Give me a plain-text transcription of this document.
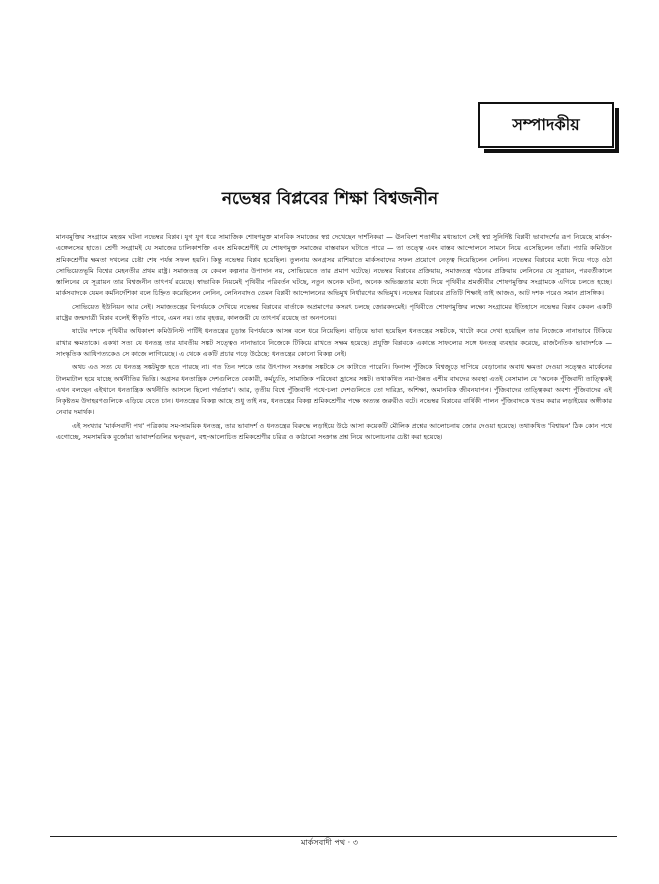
সম্পাদকীয়
নভেম্বর বিপ্লবের শিক্ষা বিশ্বজনীন

মানবমুক্তির সংগ্রামে মহত্তম ঘটনা নভেম্বর বিপ্লব। যুগ যুগ ধরে সামাজিক শোষণমুক্ত মানবিক সমাজের স্বপ্ন দেখেছেন দার্শনিকরা — ঊনবিংশ শতাব্দীর মধ্যভাগে সেই স্বপ্ন সুনির্দিষ্ট বিপ্লবী ভাবাদর্শের রূপ নিয়েছে মার্কস-এঙ্গেলসের হাতে। শ্রেণী সংগ্রামই যে সমাজের চালিকাশক্তি এবং শ্রমিকশ্রেণীই যে শোষণমুক্ত সমাজের বাস্তবায়ন ঘটাতে পারে — তা তত্ত্বে এবং বাস্তব আন্দোলনে সামনে নিয়ে এসেছিলেন তাঁরা। প্যারি কমিউনে শ্রমিকশ্রেণীর ক্ষমতা দখলের চেষ্টা শেষ পর্যন্ত সফল হয়নি। কিন্তু নভেম্বর বিপ্লব হয়েছিল। তুলনায় অনগ্রসর রাশিয়াতে মার্কসবাদের সফল প্রয়োগে নেতৃত্ব দিয়েছিলেন লেনিন। নভেম্বর বিপ্লবের মধ্যে দিয়ে গড়ে ওঠা সোভিয়েতভূমি বিশ্বের মেহনতীর প্রথম রাষ্ট্র। সমাজতন্ত্র যে কেবল কল্পনার উপাদান নয়, সোভিয়েতে তার প্রমাণ ঘটেছে। নভেম্বর বিপ্লবের প্রক্রিয়ায়, সমাজতন্ত্র গঠনের প্রক্রিয়ায় লেনিনের যে সূত্রায়ন, পরবর্তীকালে স্তালিনের যে সূত্রায়ন তার বিশ্বজনীন তাৎপর্য রয়েছে। স্বাভাবিক নিয়মেই পৃথিবীর পরিবর্তন ঘটছে, নতুন অনেক ঘটনা, অনেক অভিজ্ঞতার মধ্যে দিয়ে পৃথিবীর শ্রমজীবীর শোষণমুক্তির সংগ্রামকে এগিয়ে চলতে হচ্ছে। মার্কসবাদকে যেমন কর্মনির্দেশিকা বলে চিহ্নিত করেছিলেন লেনিন, লেনিনবাদও তেমন বিপ্লবী আন্দোলনের অভিমুখ নির্ধারণের অভিমুখ। নভেম্বর বিপ্লবের প্রতিটি শিক্ষাই তাই আজও, আট দশক পরেও সমান প্রাসঙ্গিক।

সোভিয়েত ইউনিয়ন আর নেই। সমাজতন্ত্রের বিপর্যয়কে দেখিয়ে নভেম্বর বিপ্লবের বার্তাকে অপ্রমাণের কসরৎ চলছে জোরকদমেই। পৃথিবীতে শোষণমুক্তির লক্ষ্যে সংগ্রামের ইতিহাসে নভেম্বর বিপ্লব কেবল একটি রাষ্ট্রের জন্মদাত্রী বিপ্লব বলেই স্বীকৃতি পাবে, এমন নয়। তার বৃহত্তর, কালজয়ী যে তাৎপর্য রয়েছে তা অনপনেয়।

ষাটের দশকে পৃথিবীর অধিকাংশ কমিউনিস্ট পার্টিই ধনতন্ত্রের চূড়ান্ত বিপর্যয়কে আসন্ন বলে ধরে নিয়েছিল। বাড়িয়ে ভাবা হয়েছিল ধনতন্ত্রের সঙ্কটকে, খাটো করে দেখা হয়েছিল তার নিজেকে নানাভাবে টিকিয়ে রাখার ক্ষমতাকে। একথা সত্য যে ধনতন্ত্র তার যাবতীয় সঙ্কট সত্ত্বেও নানাভাবে নিজেকে টিকিয়ে রাখতে সক্ষম হয়েছে। প্রযুক্তি বিপ্লবকে একান্তে সাফল্যের সঙ্গে ধনতন্ত্র ব্যবহার করেছে, রাজনৈতিক ভাবাদর্শকে — সাংস্কৃতিক আধিপত্যকেও সে কাজে লাগিয়েছে। এ থেকে একটি প্রচার গড়ে উঠেছে: ধনতন্ত্রের কোনো বিকল্প নেই।

অথচ এও সত্য যে ধনতন্ত্র সঙ্কটমুক্ত হতে পারছে না। গত তিন দশকে তার উৎপাদন সংক্রান্ত সঙ্কটকে সে কাটাতে পারেনি। ফিনান্স পুঁজিকে বিশ্বজুড়ে দাপিয়ে বেড়ানোর অবাধ ক্ষমতা দেওয়া সত্ত্বেও মার্কেনের টালমাটাল হয়ে যাচ্ছে অর্থনীতির ভিত্তি। অগ্রসর ধনতান্ত্রিক দেশগুলিতে বেকারী, কর্মচ্যুতি, সামাজিক পরিষেবা হ্রাসের সঙ্কট। তথাকথিত নয়া-উন্নত এশীয় বাঘদের অবস্থা এতই বেসামাল যে 'অনেক পুঁজিবাদী তাত্ত্বিকই এখন বলছেন এইখানে ধনতান্ত্রিক অর্থনীতি আসলে ছিলো গর্ভস্রাব'। আর, তৃতীয় বিশ্বে পুঁজিবাদী পথে-চলা দেশগুলিতে তো দারিদ্র্য, অশিক্ষা, অমানবিক জীবনযাপন। পুঁজিবাদের তাত্ত্বিকরা অবশ্য পুঁজিবাদের এই নিকৃষ্টতম উদাহরণগুলিকে এড়িয়ে যেতে চান। ধনতন্ত্রের বিকল্প আছে শুধু তাই নয়, ধনতন্ত্রের বিকল্প শ্রমিকশ্রেণীর পক্ষে অত্যন্ত জরুরীও বটে। নভেম্বর বিপ্লবের বার্ষিকী পালন পুঁজিবাদকে খতম করার লড়াইয়ের অঙ্গীকার নেবার দমার্থক।

এই সংখ্যার 'মার্কসবাদী পথ' পত্রিকায় সম-সাময়িক ধনতন্ত্র, তার ভাবাদর্শ ও ধনতন্ত্রের বিরুদ্ধে লড়াইয়ে উঠে আসা কয়েকটি মৌলিক প্রশ্নের আলোচনায় জোর দেওয়া হয়েছে। তথাকথিত 'বিশ্বায়ন' ঠিক কোন পথে এগোচ্ছে, সমসাময়িক বুর্জোয়া ভাবাদর্শগুলির দ্বন্দ্বরূপ, বহু-আলোচিত শ্রমিকশ্রেণীর চরিত্র ও কাঠামো সংক্রান্ত প্রশ্ন নিয়ে আলোচনার চেষ্টা করা হয়েছে।

মার্কসবাদী পথ · ৩
